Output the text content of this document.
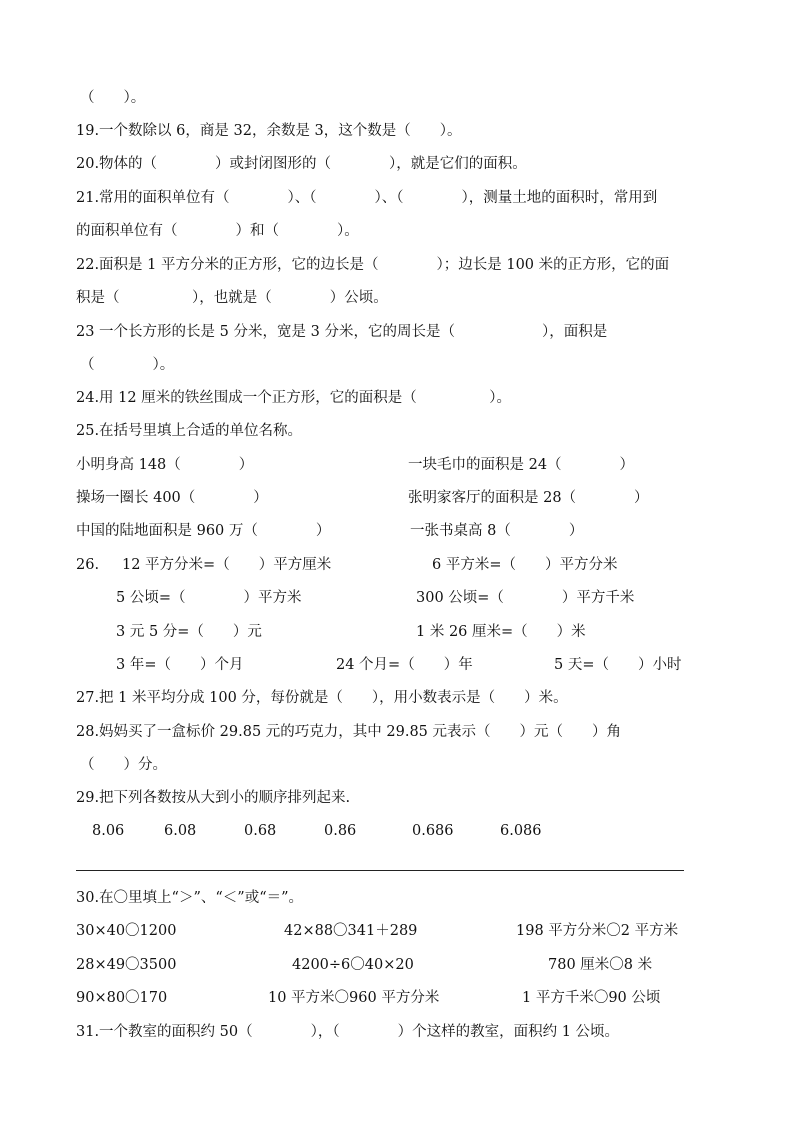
（　　）。
19.一个数除以 6，商是 32，余数是 3，这个数是（　　）。
20.物体的（　　　　）或封闭图形的（　　　　），就是它们的面积。
21.常用的面积单位有（　　　　）、（　　　　）、（　　　　），测量土地的面积时，常用到
的面积单位有（　　　　）和（　　　　）。
22.面积是 1 平方分米的正方形，它的边长是（　　　　）；边长是 100 米的正方形，它的面
积是（　　　　　），也就是（　　　　）公顷。
23 一个长方形的长是 5 分米，宽是 3 分米，它的周长是（　　　　　　），面积是
（　　　　）。
24.用 12 厘米的铁丝围成一个正方形，它的面积是（　　　　　）。
25.在括号里填上合适的单位名称。
小明身高 148（　　　　）	一块毛巾的面积是 24（　　　　）
操场一圈长 400（　　　　）	张明家客厅的面积是 28（　　　　）
中国的陆地面积是 960 万（　　　　）	一张书桌高 8（　　　　）
26. 12 平方分米=（　　）平方厘米	6 平方米=（　　）平方分米
5 公顷=（　　　　）平方米	300 公顷=（　　　　）平方千米
3 元 5 分=（　　）元	1 米 26 厘米=（　　）米
3 年=（　　）个月	24 个月=（　　）年	5 天=（　　）小时
27.把 1 米平均分成 100 分，每份就是（　　），用小数表示是（　　）米。
28.妈妈买了一盒标价 29.85 元的巧克力，其中 29.85 元表示（　　）元（　　）角
（　　）分。
29.把下列各数按从大到小的顺序排列起来.
8.06	6.08	0.68	0.86	0.686	6.086
30.在〇里填上“＞”、“＜”或“＝”。
30×40〇1200	42×88〇341＋289	198 平方分米〇2 平方米
28×49〇3500	4200÷6〇40×20	780 厘米〇8 米
90×80〇170	10 平方米〇960 平方分米	1 平方千米〇90 公顷
31.一个教室的面积约 50（　　　　），（　　　　）个这样的教室，面积约 1 公顷。
